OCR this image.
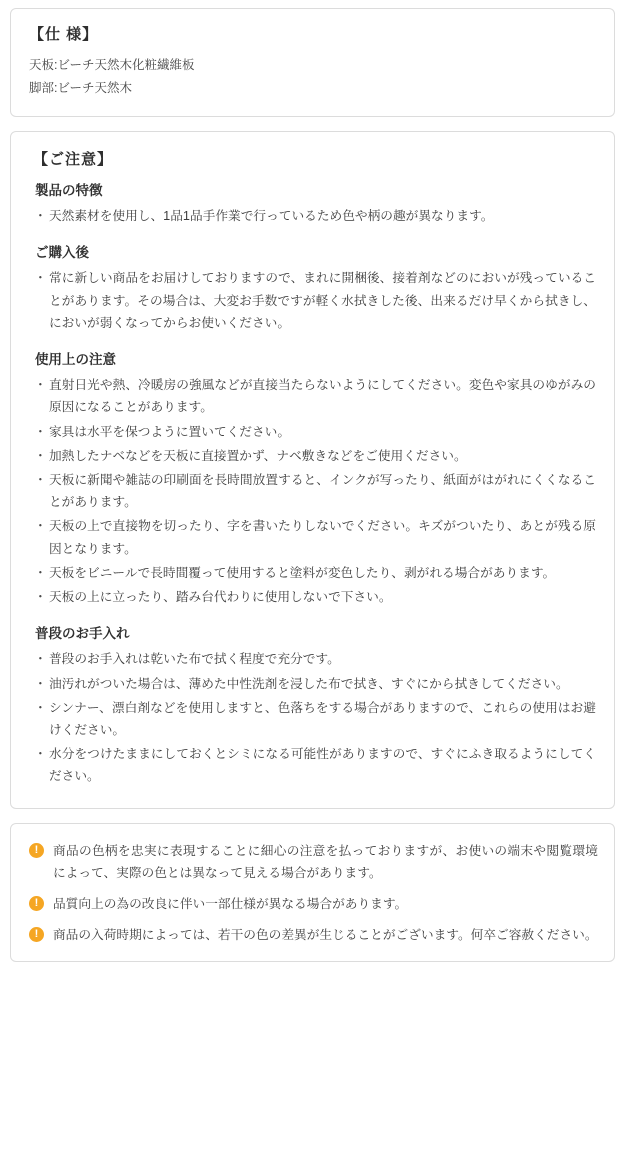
【仕 様】

天板:ビーチ天然木化粧繊維板

脚部:ビーチ天然木

【ご注意】
製品の特徴
・ 天然素材を使用し、1品1品手作業で行っているため色や柄の趣が異なります。
ご購入後
・ 常に新しい商品をお届けしておりますので、まれに開梱後、接着剤などのにおいが残っていることがあります。その場合は、大変お手数ですが軽く水拭きした後、出来るだけ早くから拭きし、においが弱くなってからお使いください。
使用上の注意
・ 直射日光や熱、冷暖房の強風などが直接当たらないようにしてください。変色や家具のゆがみの原因になることがあります。
・ 家具は水平を保つように置いてください。
・ 加熱したナベなどを天板に直接置かず、ナベ敷きなどをご使用ください。
・ 天板に新聞や雑誌の印刷面を長時間放置すると、インクが写ったり、紙面がはがれにくくなることがあります。
・ 天板の上で直接物を切ったり、字を書いたりしないでください。キズがついたり、あとが残る原因となります。
・ 天板をビニールで長時間覆って使用すると塗料が変色したり、剥がれる場合があります。
・ 天板の上に立ったり、踏み台代わりに使用しないで下さい。
普段のお手入れ
・ 普段のお手入れは乾いた布で拭く程度で充分です。
・ 油汚れがついた場合は、薄めた中性洗剤を浸した布で拭き、すぐにから拭きしてください。
・ シンナー、漂白剤などを使用しますと、色落ちをする場合がありますので、これらの使用はお避けください。
・ 水分をつけたままにしておくとシミになる可能性がありますので、すぐにふき取るようにしてください。
!	商品の色柄を忠実に表現することに細心の注意を払っておりますが、お使いの端末や閲覧環境によって、実際の色とは異なって見える場合があります。
!	品質向上の為の改良に伴い一部仕様が異なる場合があります。
!	商品の入荷時期によっては、若干の色の差異が生じることがございます。何卒ご容赦ください。
